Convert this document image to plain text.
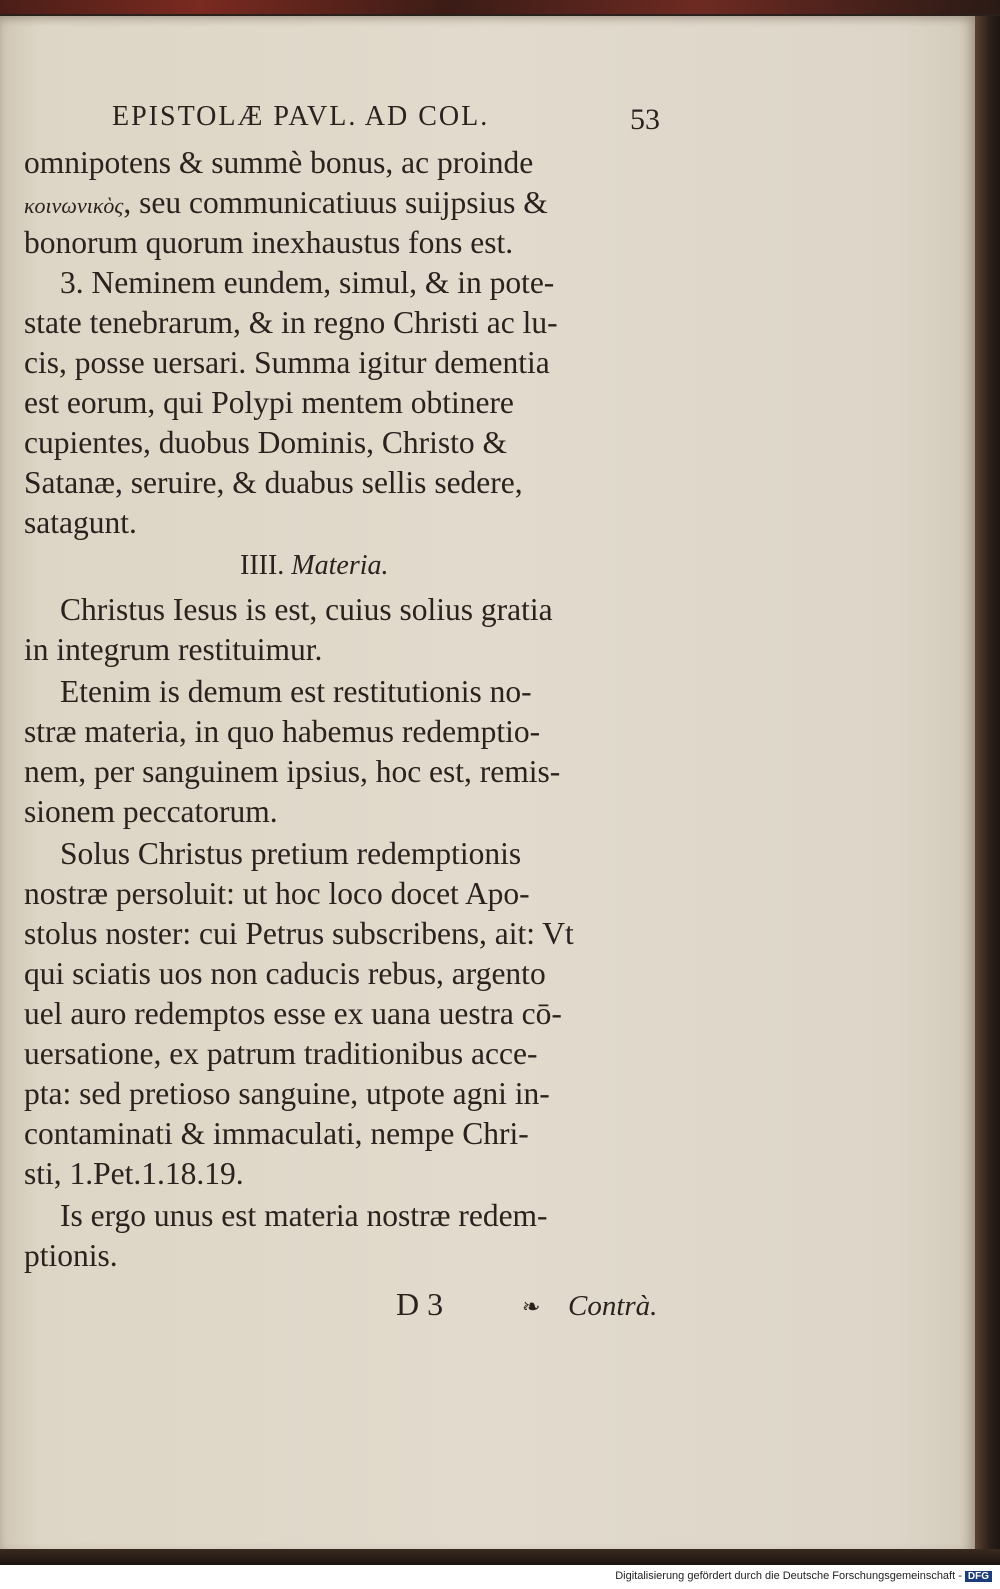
EPISTOLÆ PAVL. AD COL.	53
omnipotens & summè bonus, ac proinde
κοινωνικὸς, seu communicatiuus suijpsius &
bonorum quorum inexhaustus fons est.
3. Neminem eundem, simul, & in pote-
state tenebrarum, & in regno Christi ac lu-
cis, posse uersari. Summa igitur dementia
est eorum, qui Polypi mentem obtinere
cupientes, duobus Dominis, Christo &
Satanæ, seruire, & duabus sellis sedere,
satagunt.
IIII. Materia.
Christus Iesus is est, cuius solius gratia
in integrum restituimur.
Etenim is demum est restitutionis no-
stræ materia, in quo habemus redemptio-
nem, per sanguinem ipsius, hoc est, remis-
sionem peccatorum.
Solus Christus pretium redemptionis
nostræ persoluit: ut hoc loco docet Apo-
stolus noster: cui Petrus subscribens, ait: Vt
qui sciatis uos non caducis rebus, argento
uel auro redemptos esse ex uana uestra cō-
uersatione, ex patrum traditionibus acce-
pta: sed pretioso sanguine, utpote agni in-
contaminati & immaculati, nempe Chri-
sti, 1.Pet.1.18.19.
Is ergo unus est materia nostræ redem-
ptionis.
D 3	❧ Contrà.
Digitalisierung gefördert durch die Deutsche Forschungsgemeinschaft - DFG
